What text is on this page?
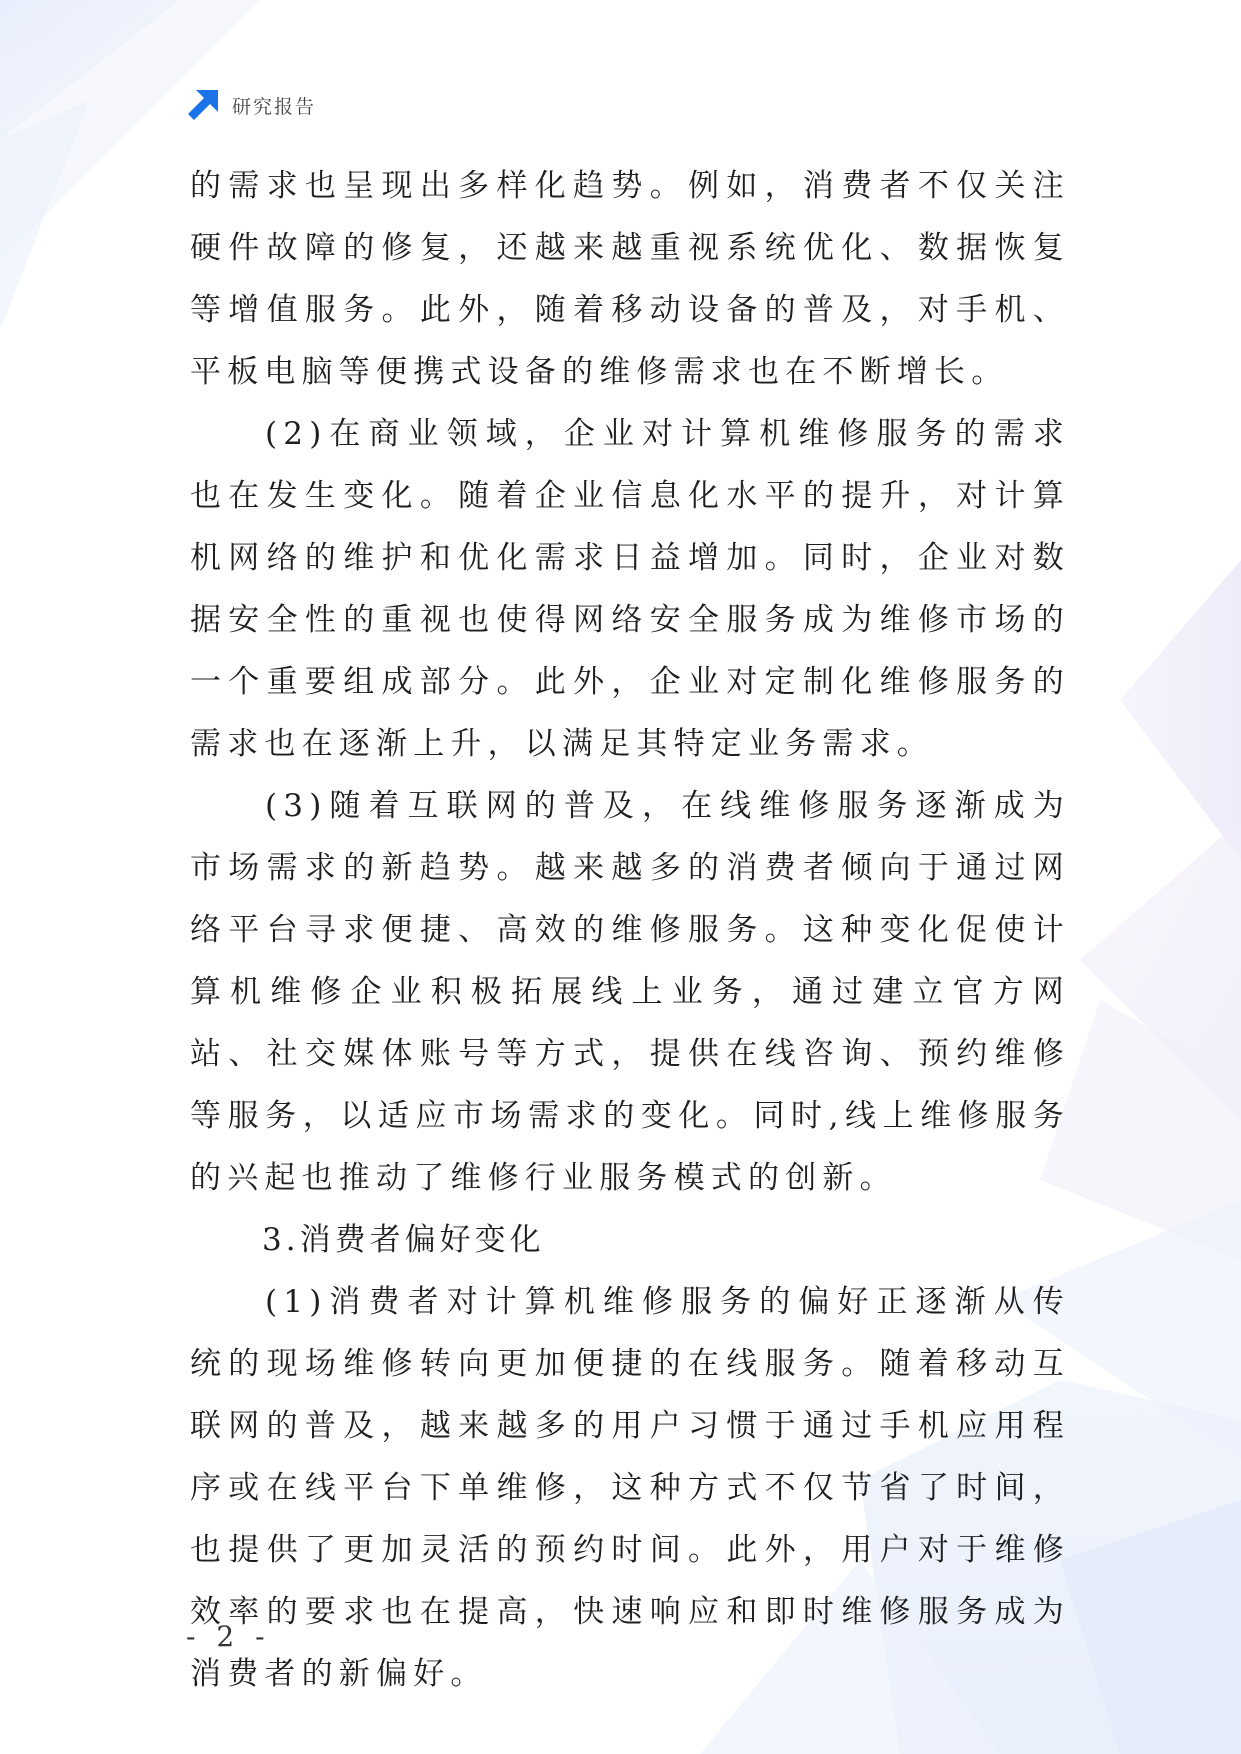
研究报告

的需求也呈现出多样化趋势。例如，消费者不仅关注硬件故障的修复，还越来越重视系统优化、数据恢复等增值服务。此外，随着移动设备的普及，对手机、平板电脑等便携式设备的维修需求也在不断增长。

(2)在商业领域，企业对计算机维修服务的需求也在发生变化。随着企业信息化水平的提升，对计算机网络的维护和优化需求日益增加。同时，企业对数据安全性的重视也使得网络安全服务成为维修市场的一个重要组成部分。此外，企业对定制化维修服务的需求也在逐渐上升，以满足其特定业务需求。

(3)随着互联网的普及，在线维修服务逐渐成为市场需求的新趋势。越来越多的消费者倾向于通过网络平台寻求便捷、高效的维修服务。这种变化促使计算机维修企业积极拓展线上业务，通过建立官方网站、社交媒体账号等方式，提供在线咨询、预约维修等服务，以适应市场需求的变化。同时,线上维修服务的兴起也推动了维修行业服务模式的创新。

3.消费者偏好变化

(1)消费者对计算机维修服务的偏好正逐渐从传统的现场维修转向更加便捷的在线服务。随着移动互联网的普及，越来越多的用户习惯于通过手机应用程序或在线平台下单维修，这种方式不仅节省了时间，也提供了更加灵活的预约时间。此外，用户对于维修效率的要求也在提高，快速响应和即时维修服务成为消费者的新偏好。

- 2 -
